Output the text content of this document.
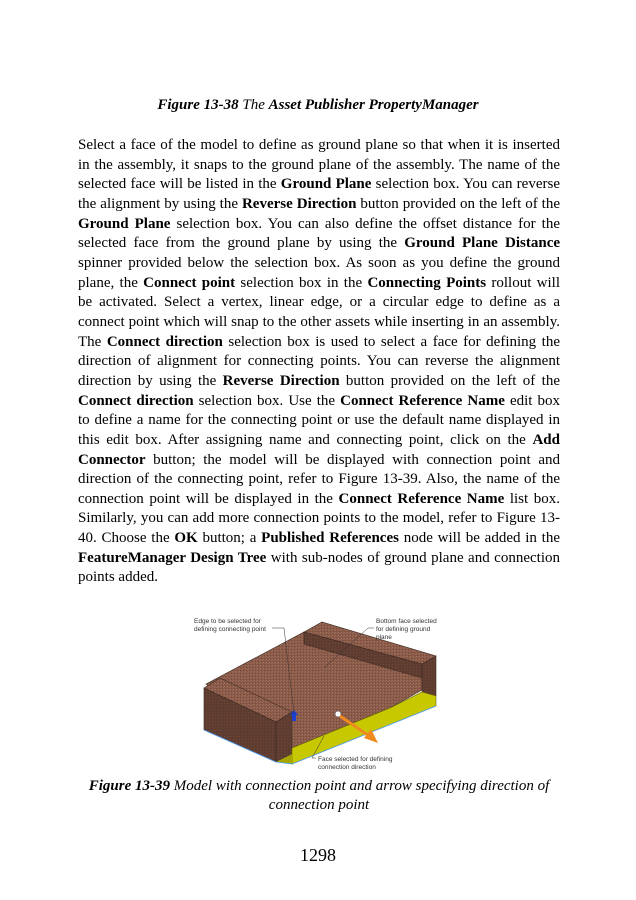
Figure 13-38 The Asset Publisher PropertyManager
Select a face of the model to define as ground plane so that when it is inserted in the assembly, it snaps to the ground plane of the assembly. The name of the selected face will be listed in the Ground Plane selection box. You can reverse the alignment by using the Reverse Direction button provided on the left of the Ground Plane selection box. You can also define the offset distance for the selected face from the ground plane by using the Ground Plane Distance spinner provided below the selection box. As soon as you define the ground plane, the Connect point selection box in the Connecting Points rollout will be activated. Select a vertex, linear edge, or a circular edge to define as a connect point which will snap to the other assets while inserting in an assembly. The Connect direction selection box is used to select a face for defining the direction of alignment for connecting points. You can reverse the alignment direction by using the Reverse Direction button provided on the left of the Connect direction selection box. Use the Connect Reference Name edit box to define a name for the connecting point or use the default name displayed in this edit box. After assigning name and connecting point, click on the Add Connector button; the model will be displayed with connection point and direction of the connecting point, refer to Figure 13-39. Also, the name of the connection point will be displayed in the Connect Reference Name list box. Similarly, you can add more connection points to the model, refer to Figure 13-40. Choose the OK button; a Published References node will be added in the FeatureManager Design Tree with sub-nodes of ground plane and connection points added.
Edge to be selected for
defining connecting point
Bottom face selected
for defining ground
plane
Face selected for defining
connection direction
Figure 13-39 Model with connection point and arrow specifying direction of connection point
1298
